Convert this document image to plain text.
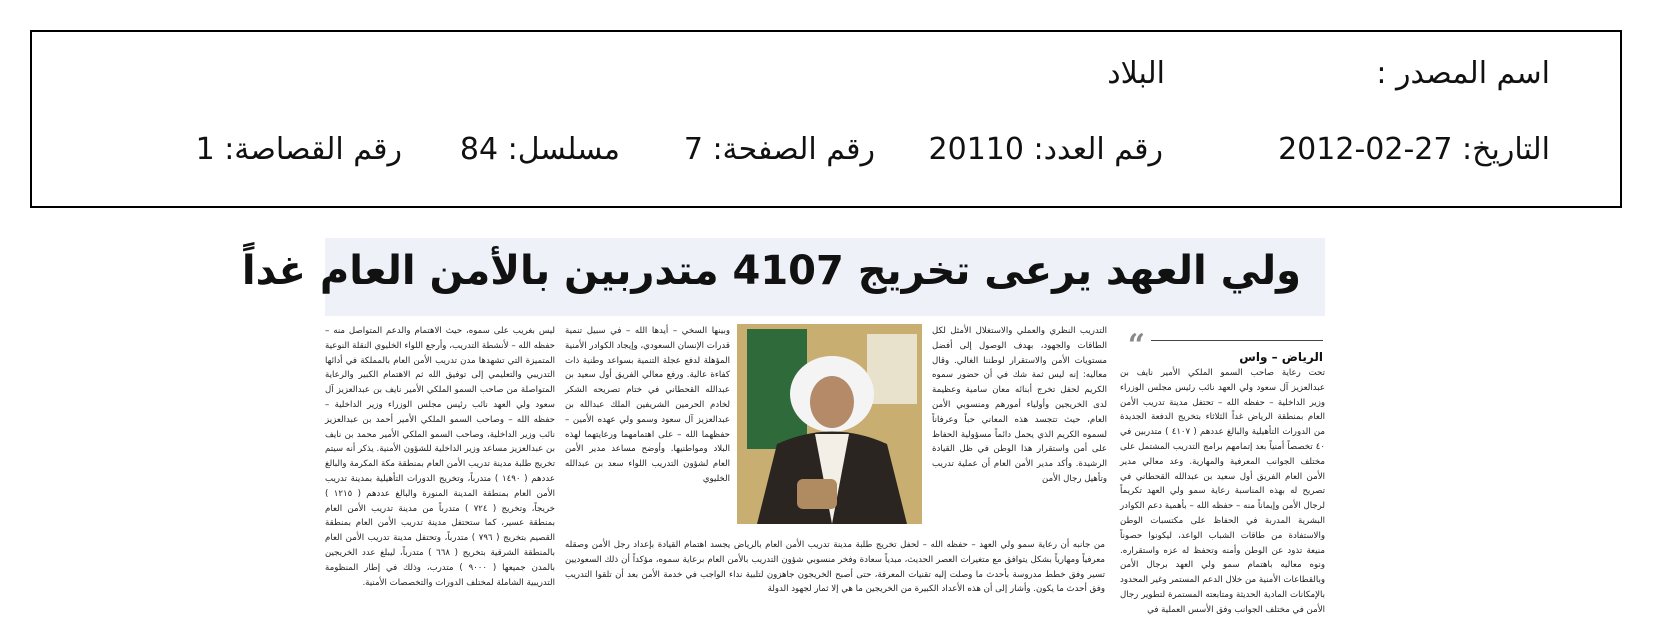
اسم المصدر :
البلاد
التاريخ: 27-02-2012
رقم العدد: 20110
رقم الصفحة: 7
مسلسل: 84
رقم القصاصة: 1
ولي العهد يرعى تخريج 4107 متدربين بالأمن العام غداً

تحت رعاية صاحب السمو الملكي الأمير نايف بن عبدالعزيز آل سعود ولي العهد نائب رئيس مجلس الوزراء وزير الداخلية – حفظه الله – تحتفل مدينة تدريب الأمن العام بمنطقة الرياض غداً الثلاثاء بتخريج الدفعة الجديدة من الدورات التأهيلية والبالغ عددهم ( ٤١٠٧ ) متدربين في ٤٠ تخصصاً أمنياً بعد إتمامهم برامج التدريب المشتمل على مختلف الجوانب المعرفية والمهارية. وعد معالي مدير الأمن العام الفريق أول سعيد بن عبدالله القحطاني في تصريح له بهذه المناسبة رعاية سمو ولي العهد تكريماً لرجال الأمن وإيماناً منه – حفظه الله – بأهمية دعم الكوادر البشرية المدربة في الحفاظ على مكتسبات الوطن والاستفادة من طاقات الشباب الواعد، ليكونوا حصوناً منيعة تذود عن الوطن وأمنه وتحفظ له عزه واستقراره. ونوه معاليه باهتمام سمو ولي العهد برجال الأمن وبالقطاعات الأمنية من خلال الدعم المستمر وغير المحدود بالإمكانات المادية الحديثة ومتابعته المستمرة لتطوير رجال الأمن في مختلف الجوانب وفق الأسس العملية في

“	الرياض – واس

التدريب النظري والعملي والاستغلال الأمثل لكل الطاقات والجهود، بهدف الوصول إلى أفضل مستويات الأمن والاستقرار لوطننا الغالي. وقال معاليه: إنه ليس ثمة شك في أن حضور سموه الكريم لحفل تخرج أبنائه معان سامية وعظيمة لدى الخريجين وأولياء أمورهم ومنسوبي الأمن العام، حيث تتجسد هذه المعاني حباً وعرفاناً لسموه الكريم الذي يحمل دائماً مسؤولية الحفاظ على أمن واستقرار هذا الوطن في ظل القيادة الرشيدة. وأكد مدير الأمن العام أن عملية تدريب وتأهيل رجال الأمن

وبينها السخي – أيدها الله – في سبيل تنمية قدرات الإنسان السعودي، وإيجاد الكوادر الأمنية المؤهلة لدفع عجلة التنمية بسواعد وطنية ذات كفاءة عالية. ورفع معالي الفريق أول سعيد بن عبدالله القحطاني في ختام تصريحه الشكر لخادم الحرمين الشريفين الملك عبدالله بن عبدالعزيز آل سعود وسمو ولي عهده الأمين – حفظهما الله – على اهتمامهما ورعايتهما لهذه البلاد ومواطنيها. وأوضح مساعد مدير الأمن العام لشؤون التدريب اللواء سعد بن عبدالله الخليوي

ليس بغريب على سموه، حيث الاهتمام والدعم المتواصل منه – حفظه الله – لأنشطة التدريب، وأرجع اللواء الخليوي النقلة النوعية المتميزة التي تشهدها مدن تدريب الأمن العام بالمملكة في أدائها التدريبي والتعليمي إلى توفيق الله ثم الاهتمام الكبير والرعاية المتواصلة من صاحب السمو الملكي الأمير نايف بن عبدالعزيز آل سعود ولي العهد نائب رئيس مجلس الوزراء وزير الداخلية – حفظه الله – وصاحب السمو الملكي الأمير أحمد بن عبدالعزيز نائب وزير الداخلية، وصاحب السمو الملكي الأمير محمد بن نايف بن عبدالعزيز مساعد وزير الداخلية للشؤون الأمنية. يذكر أنه سيتم تخريج طلبة مدينة تدريب الأمن العام بمنطقة مكة المكرمة والبالغ عددهم ( ١٤٩٠ ) متدرباً، وتخريج الدورات التأهيلية بمدينة تدريب الأمن العام بمنطقة المدينة المنورة والبالغ عددهم ( ١٢١٥ ) خريجاً، وتخريج ( ٧٢٤ ) متدرباً من مدينة تدريب الأمن العام بمنطقة عسير، كما ستحتفل مدينة تدريب الأمن العام بمنطقة القصيم بتخريج ( ٧٩٦ ) متدرباً، وتحتفل مدينة تدريب الأمن العام بالمنطقة الشرقية بتخريج ( ٦٦٨ ) متدرباً، ليبلغ عدد الخريجين بالمدن جميعها ( ٩٠٠٠ ) متدرب، وذلك في إطار المنظومة التدريبية الشاملة لمختلف الدورات والتخصصات الأمنية.

من جانبه أن رعاية سمو ولي العهد – حفظه الله – لحفل تخريج طلبة مدينة تدريب الأمن العام بالرياض يجسد اهتمام القيادة بإعداد رجل الأمن وصقله معرفياً ومهارياً بشكل يتوافق مع متغيرات العصر الحديث، مبدياً سعادة وفخر منسوبي شؤون التدريب بالأمن العام برعاية سموه، مؤكداً أن ذلك السعوديين تسير وفق خطط مدروسة بأحدث ما وصلت إليه تقنيات المعرفة، حتى أصبح الخريجون جاهزون لتلبية نداء الواجب في خدمة الأمن بعد أن تلقوا التدريب وفق أحدث ما يكون. وأشار إلى أن هذه الأعداد الكبيرة من الخريجين ما هي إلا ثمار لجهود الدولة
